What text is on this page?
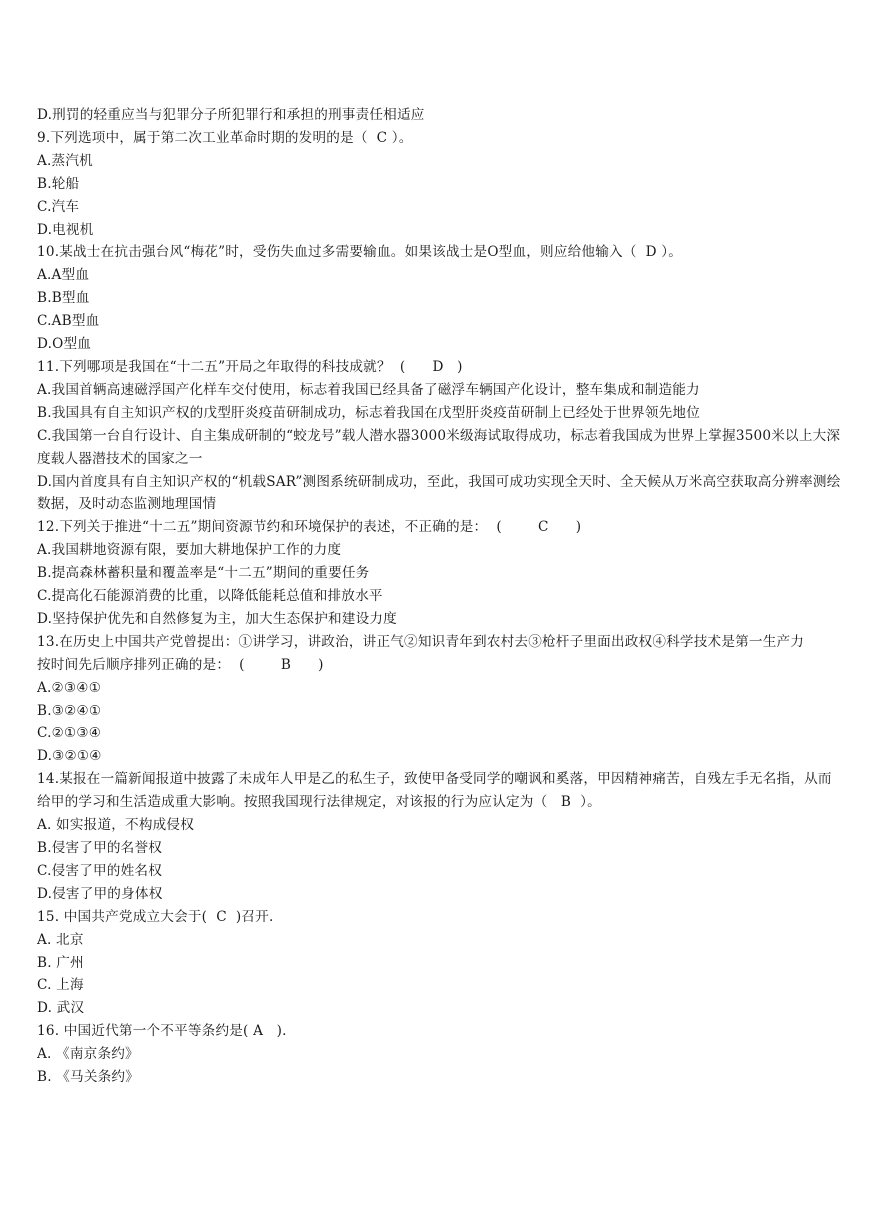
D.刑罚的轻重应当与犯罪分子所犯罪行和承担的刑事责任相适应
9.下列选项中，属于第二次工业革命时期的发明的是（  C ）。
A.蒸汽机
B.轮船
C.汽车
D.电视机
10.某战士在抗击强台风“梅花”时，受伤失血过多需要输血。如果该战士是O型血，则应给他输入（  D ）。
A.A型血
B.B型血
C.AB型血
D.O型血
11.下列哪项是我国在“十二五”开局之年取得的科技成就？  (      D   )
A.我国首辆高速磁浮国产化样车交付使用，标志着我国已经具备了磁浮车辆国产化设计，整车集成和制造能力
B.我国具有自主知识产权的戊型肝炎疫苗研制成功，标志着我国在戊型肝炎疫苗研制上已经处于世界领先地位
C.我国第一台自行设计、自主集成研制的“蛟龙号”载人潜水器3000米级海试取得成功，标志着我国成为世界上掌握3500米以上大深度载人器潜技术的国家之一
D.国内首度具有自主知识产权的“机载SAR”测图系统研制成功，至此，我国可成功实现全天时、全天候从万米高空获取高分辨率测绘数据，及时动态监测地理国情
12.下列关于推进“十二五”期间资源节约和环境保护的表述，不正确的是：  (        C      )
A.我国耕地资源有限，要加大耕地保护工作的力度
B.提高森林蓄积量和覆盖率是“十二五”期间的重要任务
C.提高化石能源消费的比重，以降低能耗总值和排放水平
D.坚持保护优先和自然修复为主，加大生态保护和建设力度
13.在历史上中国共产党曾提出：①讲学习，讲政治，讲正气②知识青年到农村去③枪杆子里面出政权④科学技术是第一生产力
按时间先后顺序排列正确的是：  (        B      )
A.②③④①
B.③②④①
C.②①③④
D.③②①④
14.某报在一篇新闻报道中披露了未成年人甲是乙的私生子，致使甲备受同学的嘲讽和奚落，甲因精神痛苦，自残左手无名指，从而给甲的学习和生活造成重大影响。按照我国现行法律规定，对该报的行为应认定为（   B  ）。
A. 如实报道，不构成侵权
B.侵害了甲的名誉权
C.侵害了甲的姓名权
D.侵害了甲的身体权
15. 中国共产党成立大会于(  C  )召开.
A. 北京
B. 广州
C. 上海
D. 武汉
16. 中国近代第一个不平等条约是( A   ).
A. 《南京条约》
B. 《马关条约》
